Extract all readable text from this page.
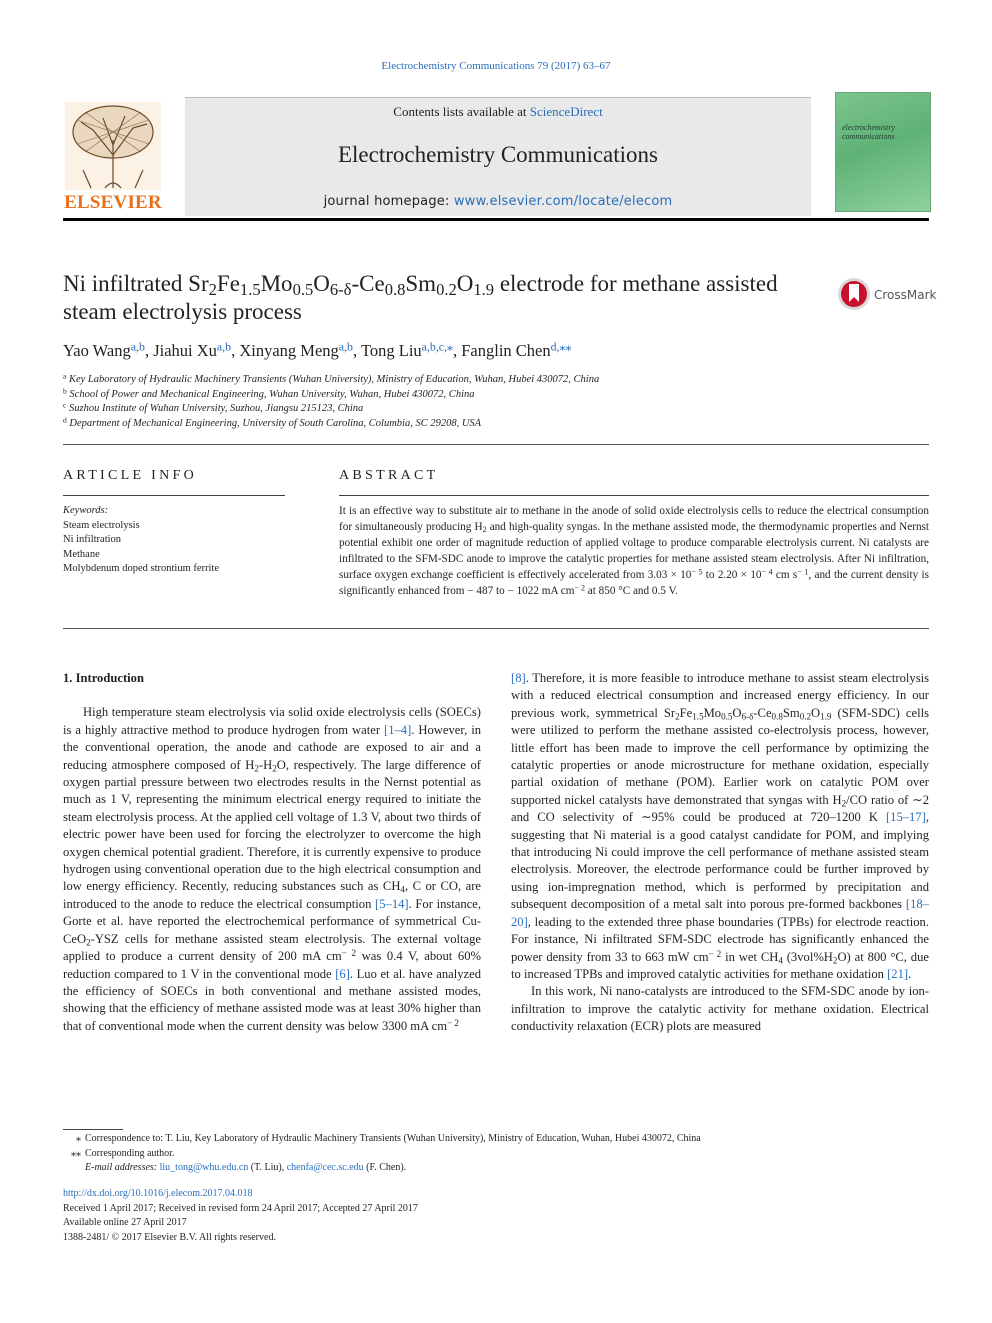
Electrochemistry Communications 79 (2017) 63–67
ELSEVIER
Contents lists available at ScienceDirect
Electrochemistry Communications
journal homepage: www.elsevier.com/locate/elecom
electrochemistry communications
Ni infiltrated $Sr_2Fe_{1.5}Mo_{0.5}O_{6-\delta}-Ce_{0.8}Sm_{0.2}O_{1.9}$ electrode for methane assisted steam electrolysis process
CrossMark
Yao Wang$^{a,b}$, Jiahui Xu$^{a,b}$, Xinyang Meng$^{a,b}$, Tong Liu$^{a,b,c,⁎}$, Fanglin Chen$^{d,⁎⁎}$
$^a$ Key Laboratory of Hydraulic Machinery Transients (Wuhan University), Ministry of Education, Wuhan, Hubei 430072, China
$^b$ School of Power and Mechanical Engineering, Wuhan University, Wuhan, Hubei 430072, China
$^c$ Suzhou Institute of Wuhan University, Suzhou, Jiangsu 215123, China
$^d$ Department of Mechanical Engineering, University of South Carolina, Columbia, SC 29208, USA
ARTICLE INFO	ABSTRACT
Keywords:
Steam electrolysis
Ni infiltration
Methane
Molybdenum doped strontium ferrite
It is an effective way to substitute air to methane in the anode of solid oxide electrolysis cells to reduce the electrical consumption for simultaneously producing $H_2$ and high-quality syngas. In the methane assisted mode, the thermodynamic properties and Nernst potential exhibit one order of magnitude reduction of applied voltage to produce comparable electrolysis current. Ni catalysts are infiltrated to the SFM-SDC anode to improve the catalytic properties for methane assisted steam electrolysis. After Ni infiltration, surface oxygen exchange coefficient is effectively accelerated from $3.03 \times 10^{- 5}$ to $2.20 \times 10^{- 4}$ cm $s^{- 1}$, and the current density is significantly enhanced from − 487 to − 1022 mA $cm^{- 2}$ at 850 °C and 0.5 V.

1. Introduction

High temperature steam electrolysis via solid oxide electrolysis cells (SOECs) is a highly attractive method to produce hydrogen from water [1–4]. However, in the conventional operation, the anode and cathode are exposed to air and a reducing atmosphere composed of $H_2-H_2O$, respectively. The large difference of oxygen partial pressure between two electrodes results in the Nernst potential as much as 1 V, representing the minimum electrical energy required to initiate the steam electrolysis process. At the applied cell voltage of 1.3 V, about two thirds of electric power have been used for forcing the electrolyzer to overcome the high oxygen chemical potential gradient. Therefore, it is currently expensive to produce hydrogen using conventional operation due to the high electrical consumption and low energy efficiency. Recently, reducing substances such as $CH_4$, C or CO, are introduced to the anode to reduce the electrical consumption [5–14]. For instance, Gorte et al. have reported the electrochemical performance of symmetrical Cu-CeO$_2$-YSZ cells for methane assisted steam electrolysis. The external voltage applied to produce a current density of 200 mA $cm^{- 2}$ was 0.4 V, about 60% reduction compared to 1 V in the conventional mode [6]. Luo et al. have analyzed the efficiency of SOECs in both conventional and methane assisted modes, showing that the efficiency of methane assisted mode was at least 30% higher than that of conventional mode when the current density was below 3300 mA $cm^{- 2}$

[8]. Therefore, it is more feasible to introduce methane to assist steam electrolysis with a reduced electrical consumption and increased energy efficiency. In our previous work, symmetrical $Sr_2Fe_{1.5}Mo_{0.5}O_{6-\delta}-Ce_{0.8}Sm_{0.2}O_{1.9}$ (SFM-SDC) cells were utilized to perform the methane assisted co-electrolysis process, however, little effort has been made to improve the cell performance by optimizing the catalytic properties or anode microstructure for methane oxidation, especially partial oxidation of methane (POM). Earlier work on catalytic POM over supported nickel catalysts have demonstrated that syngas with $H_2/CO$ ratio of ∼2 and CO selectivity of ∼95% could be produced at 720–1200 K [15–17], suggesting that Ni material is a good catalyst candidate for POM, and implying that introducing Ni could improve the cell performance of methane assisted steam electrolysis. Moreover, the electrode performance could be further improved by using ion-impregnation method, which is performed by precipitation and subsequent decomposition of a metal salt into porous pre-formed backbones [18–20], leading to the extended three phase boundaries (TPBs) for electrode reaction. For instance, Ni infiltrated SFM-SDC electrode has significantly enhanced the power density from 33 to 663 mW $cm^{- 2}$ in wet $CH_4$ $(3vol\%H_2O)$ at 800 °C, due to increased TPBs and improved catalytic activities for methane oxidation [21].

In this work, Ni nano-catalysts are introduced to the SFM-SDC anode by ion-infiltration to improve the catalytic activity for methane oxidation. Electrical conductivity relaxation (ECR) plots are measured

⁎ Correspondence to: T. Liu, Key Laboratory of Hydraulic Machinery Transients (Wuhan University), Ministry of Education, Wuhan, Hubei 430072, China
⁎⁎ Corresponding author.
E-mail addresses: liu_tong@whu.edu.cn (T. Liu), chenfa@cec.sc.edu (F. Chen).
http://dx.doi.org/10.1016/j.elecom.2017.04.018
Received 1 April 2017; Received in revised form 24 April 2017; Accepted 27 April 2017
Available online 27 April 2017
1388-2481/ © 2017 Elsevier B.V. All rights reserved.
